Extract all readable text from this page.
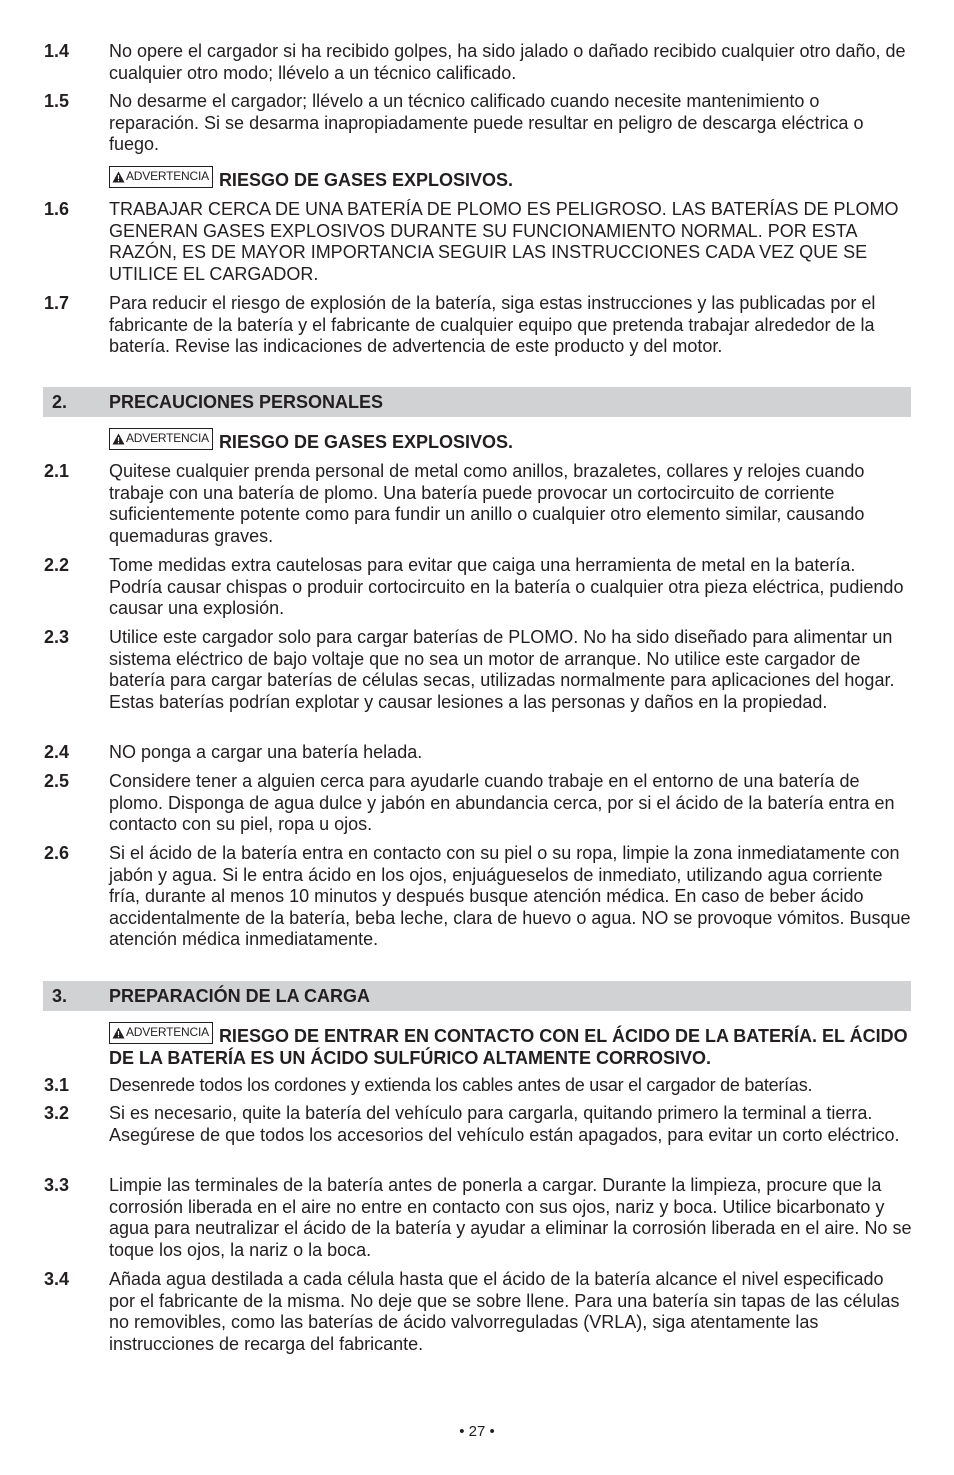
1.4	No opere el cargador si ha recibido golpes, ha sido jalado o dañado recibido cualquier otro daño, de cualquier otro modo; llévelo a un técnico calificado.
1.5	No desarme el cargador; llévelo a un técnico calificado cuando necesite mantenimiento o reparación. Si se desarma inapropiadamente puede resultar en peligro de descarga eléctrica o fuego.
ADVERTENCIA RIESGO DE GASES EXPLOSIVOS.
1.6	TRABAJAR CERCA DE UNA BATERÍA DE PLOMO ES PELIGROSO. LAS BATERÍAS DE PLOMO GENERAN GASES EXPLOSIVOS DURANTE SU FUNCIONAMIENTO NORMAL. POR ESTA RAZÓN, ES DE MAYOR IMPORTANCIA SEGUIR LAS INSTRUCCIONES CADA VEZ QUE SE UTILICE EL CARGADOR.
1.7	Para reducir el riesgo de explosión de la batería, siga estas instrucciones y las publicadas por el fabricante de la batería y el fabricante de cualquier equipo que pretenda trabajar alrededor de la batería. Revise las indicaciones de advertencia de este producto y del motor.
2.	PRECAUCIONES PERSONALES
ADVERTENCIA RIESGO DE GASES EXPLOSIVOS.
2.1	Quitese cualquier prenda personal de metal como anillos, brazaletes, collares y relojes cuando trabaje con una batería de plomo. Una batería puede provocar un cortocircuito de corriente suficientemente potente como para fundir un anillo o cualquier otro elemento similar, causando quemaduras graves.
2.2	Tome medidas extra cautelosas para evitar que caiga una herramienta de metal en la batería. Podría causar chispas o produir cortocircuito en la batería o cualquier otra pieza eléctrica, pudiendo causar una explosión.
2.3	Utilice este cargador solo para cargar baterías de PLOMO. No ha sido diseñado para alimentar un sistema eléctrico de bajo voltaje que no sea un motor de arranque. No utilice este cargador de batería para cargar baterías de células secas, utilizadas normalmente para aplicaciones del hogar. Estas baterías podrían explotar y causar lesiones a las personas y daños en la propiedad.
2.4	NO ponga a cargar una batería helada.
2.5	Considere tener a alguien cerca para ayudarle cuando trabaje en el entorno de una batería de plomo. Disponga de agua dulce y jabón en abundancia cerca, por si el ácido de la batería entra en contacto con su piel, ropa u ojos.
2.6	Si el ácido de la batería entra en contacto con su piel o su ropa, limpie la zona inmediatamente con jabón y agua. Si le entra ácido en los ojos, enjuágueselos de inmediato, utilizando agua corriente fría, durante al menos 10 minutos y después busque atención médica. En caso de beber ácido accidentalmente de la batería, beba leche, clara de huevo o agua. NO se provoque vómitos. Busque atención médica inmediatamente.
3.	PREPARACIÓN DE LA CARGA
ADVERTENCIA RIESGO DE ENTRAR EN CONTACTO CON EL ÁCIDO DE LA BATERÍA. EL ÁCIDO DE LA BATERÍA ES UN ÁCIDO SULFÚRICO ALTAMENTE CORROSIVO.
3.1	Desenrede todos los cordones y extienda los cables antes de usar el cargador de baterías.
3.2	Si es necesario, quite la batería del vehículo para cargarla, quitando primero la terminal a tierra. Asegúrese de que todos los accesorios del vehículo están apagados, para evitar un corto eléctrico.
3.3	Limpie las terminales de la batería antes de ponerla a cargar. Durante la limpieza, procure que la corrosión liberada en el aire no entre en contacto con sus ojos, nariz y boca. Utilice bicarbonato y agua para neutralizar el ácido de la batería y ayudar a eliminar la corrosión liberada en el aire. No se toque los ojos, la nariz o la boca.
3.4	Añada agua destilada a cada célula hasta que el ácido de la batería alcance el nivel especificado por el fabricante de la misma. No deje que se sobre llene. Para una batería sin tapas de las células no removibles, como las baterías de ácido valvorreguladas (VRLA), siga atentamente las instrucciones de recarga del fabricante.
• 27 •
